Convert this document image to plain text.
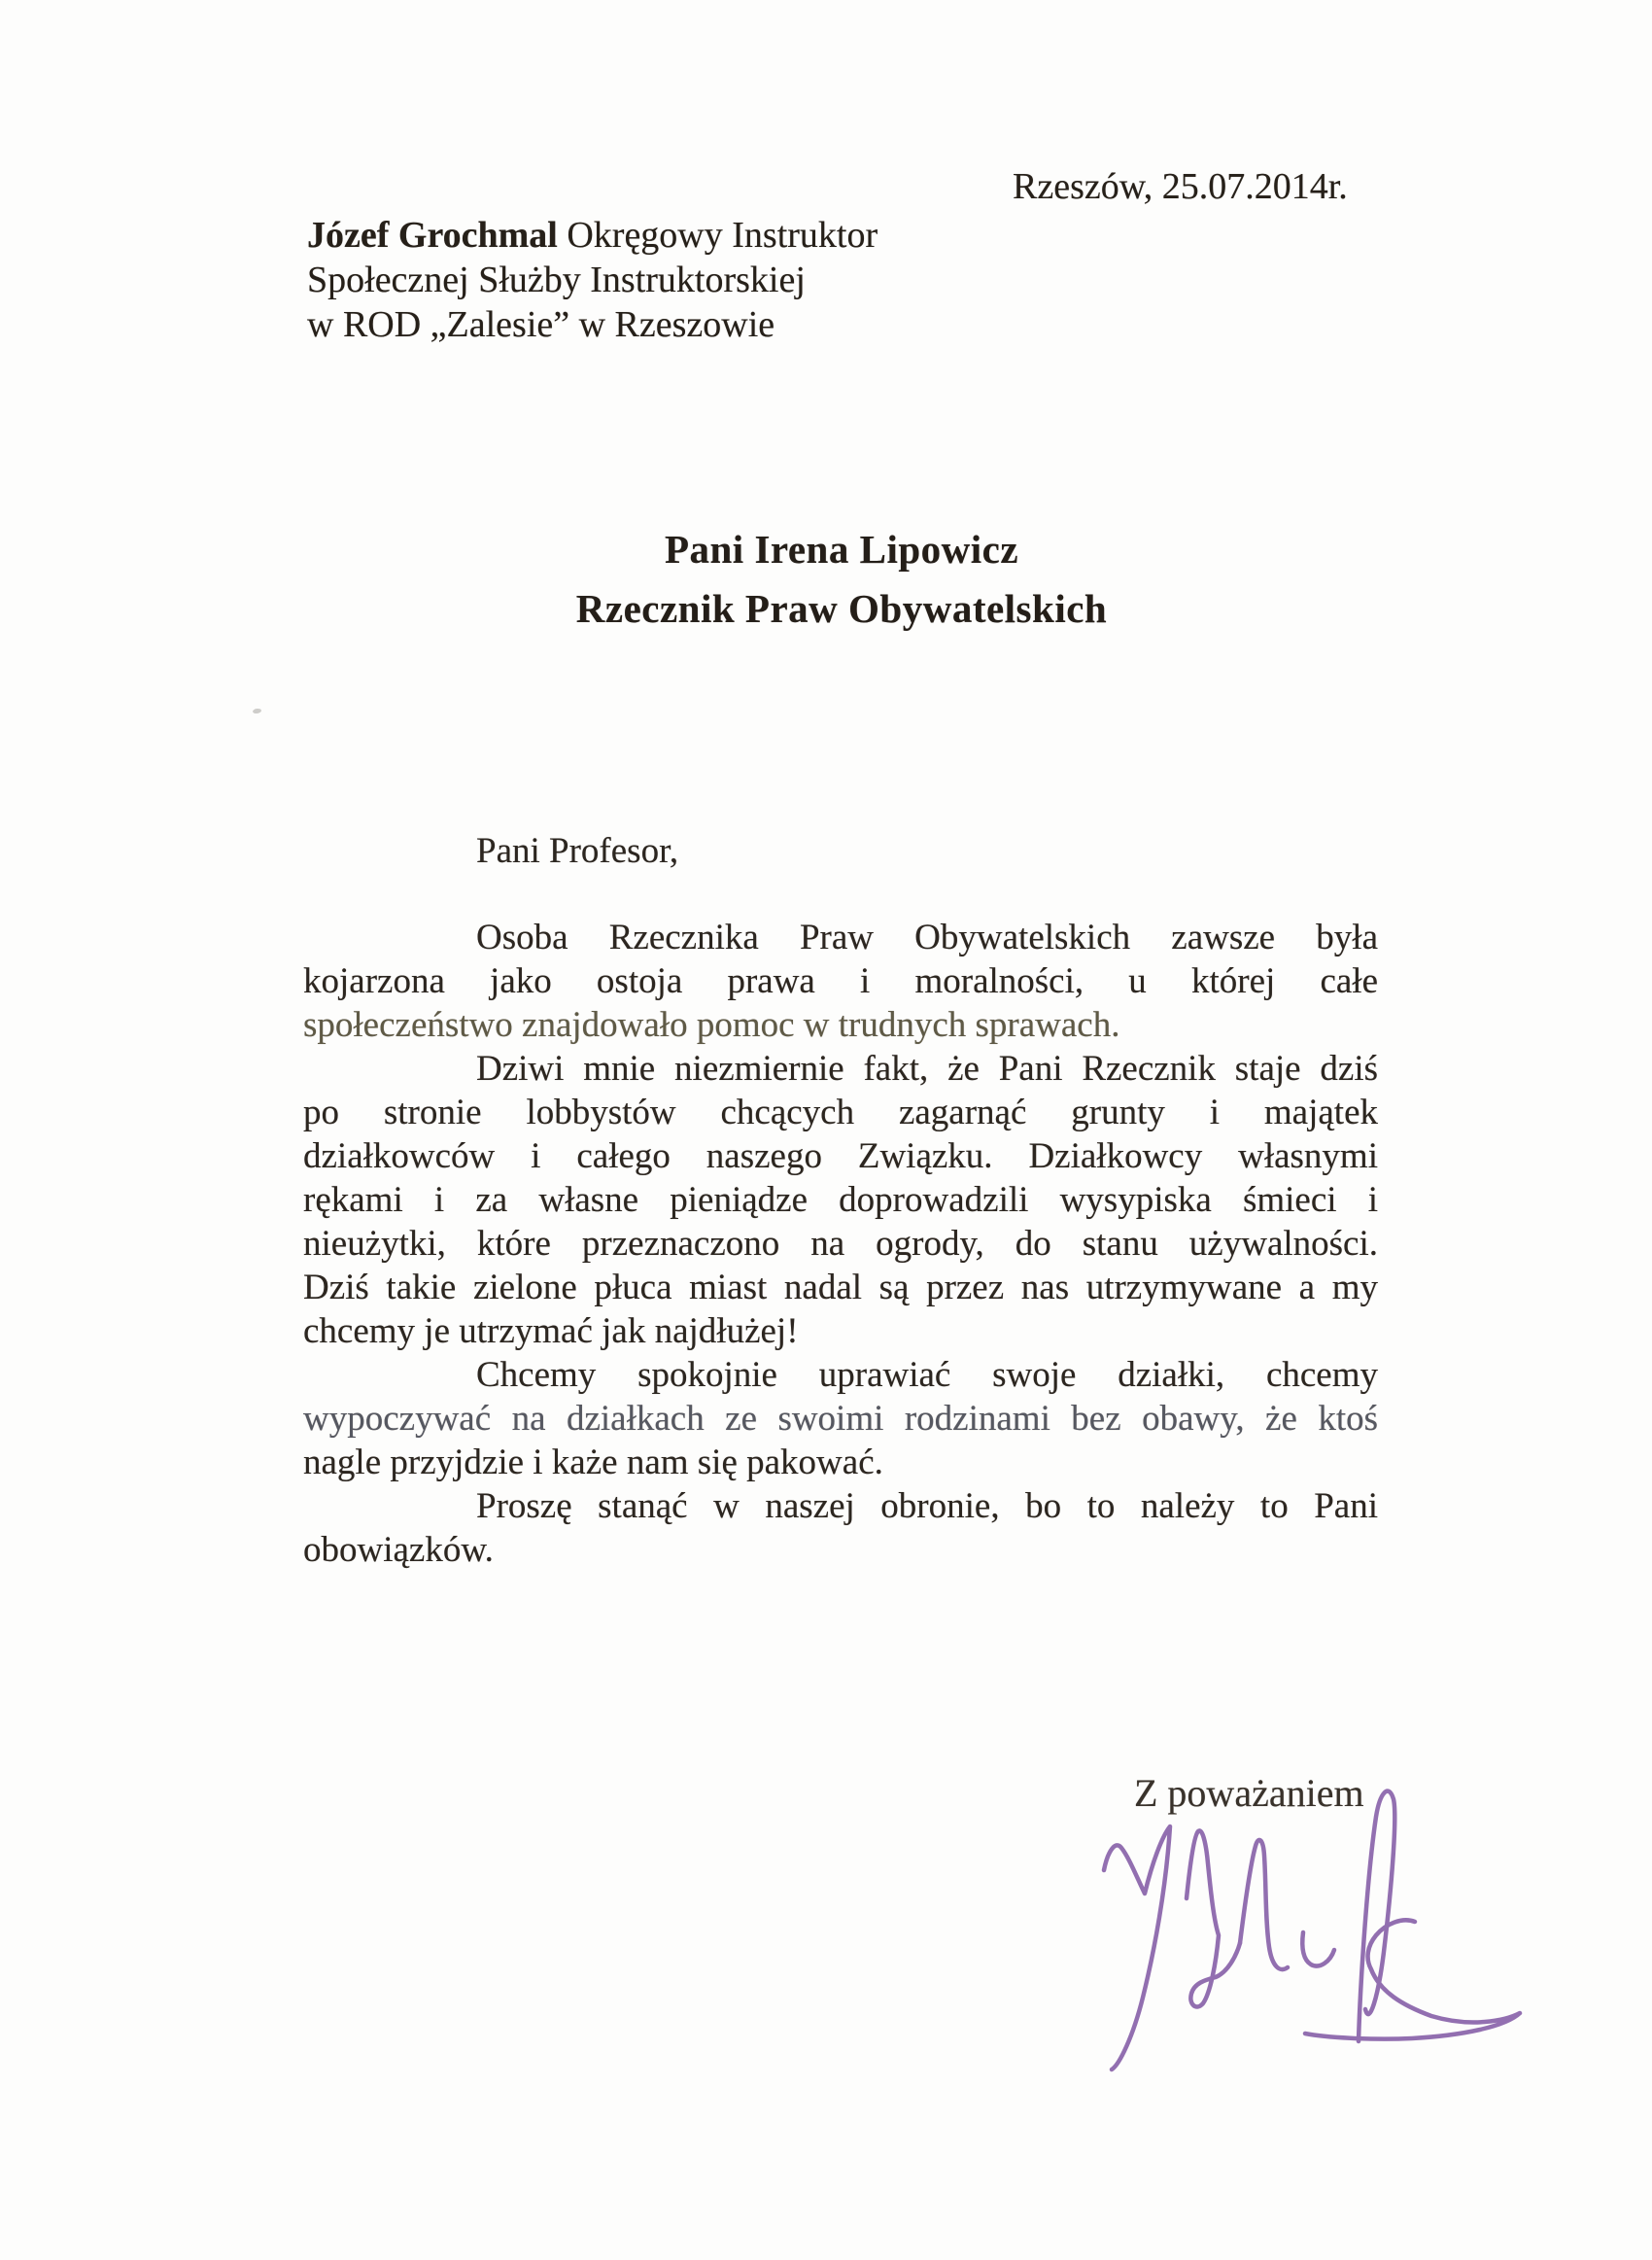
Rzeszów, 25.07.2014r.
Józef Grochmal Okręgowy Instruktor
Społecznej Służby Instruktorskiej
w ROD „Zalesie” w Rzeszowie
Pani Irena Lipowicz
Rzecznik Praw Obywatelskich
Pani Profesor,
Osoba Rzecznika Praw Obywatelskich zawsze była
kojarzona jako ostoja prawa i moralności, u której całe
społeczeństwo znajdowało pomoc w trudnych sprawach.
Dziwi mnie niezmiernie fakt, że Pani Rzecznik staje dziś
po stronie lobbystów chcących zagarnąć grunty i majątek
działkowców i całego naszego Związku. Działkowcy własnymi
rękami i za własne pieniądze doprowadzili wysypiska śmieci i
nieużytki, które przeznaczono na ogrody, do stanu używalności.
Dziś takie zielone płuca miast nadal są przez nas utrzymywane a my
chcemy je utrzymać jak najdłużej!
Chcemy spokojnie uprawiać swoje działki, chcemy
wypoczywać na działkach ze swoimi rodzinami bez obawy, że ktoś
nagle przyjdzie i każe nam się pakować.
Proszę stanąć w naszej obronie, bo to należy to Pani
obowiązków.
Z poważaniem
